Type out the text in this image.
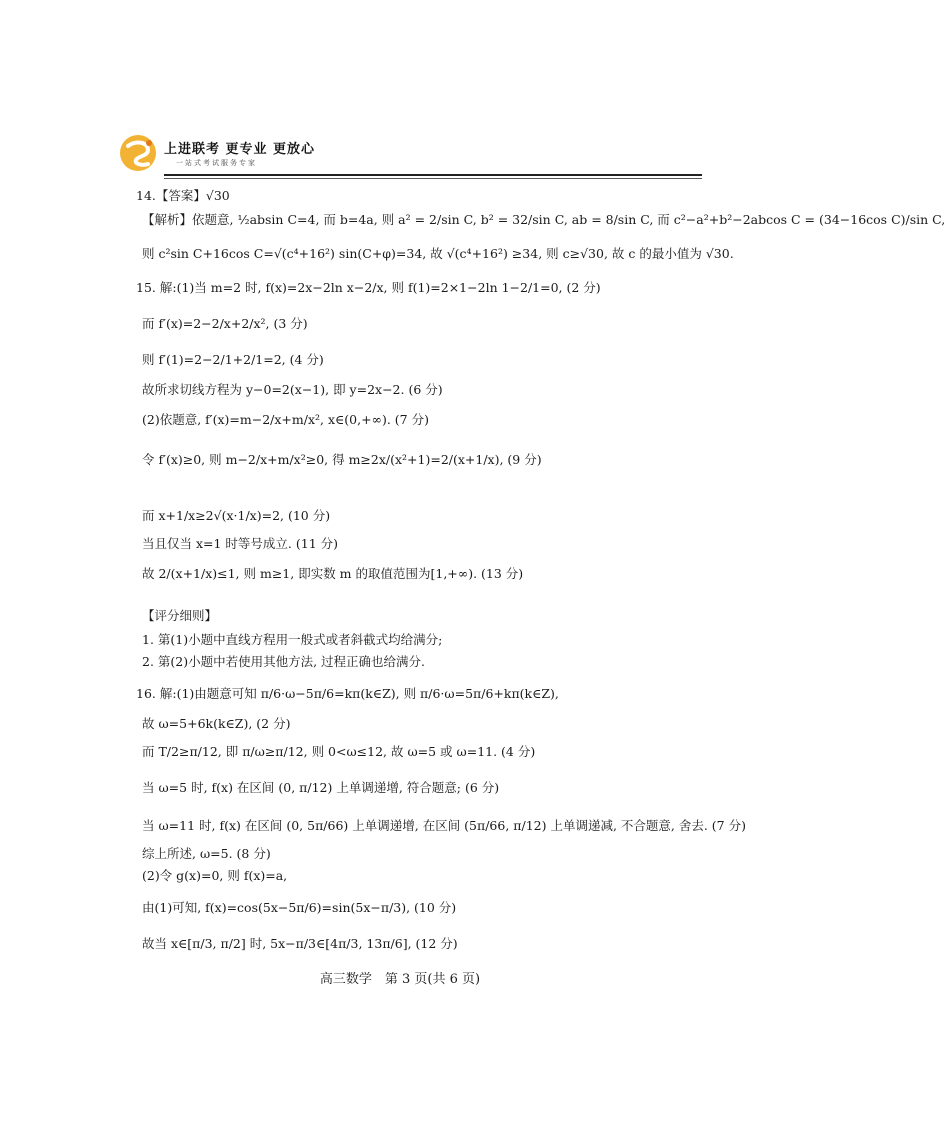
上进联考 更专业 更放心
一站式考试服务专家
14.【答案】√30
【解析】依题意, ½absin C=4, 而 b=4a, 则 a² = 2/sin C, b² = 32/sin C, ab = 8/sin C, 而 c²−a²+b²−2abcos C = (34−16cos C)/sin C,
则 c²sin C+16cos C=√(c⁴+16²) sin(C+φ)=34, 故 √(c⁴+16²) ≥34, 则 c≥√30, 故 c 的最小值为 √30.
15. 解:(1)当 m=2 时, f(x)=2x−2ln x−2/x, 则 f(1)=2×1−2ln 1−2/1=0, (2 分)
而 f′(x)=2−2/x+2/x², (3 分)
则 f′(1)=2−2/1+2/1=2, (4 分)
故所求切线方程为 y−0=2(x−1), 即 y=2x−2. (6 分)
(2)依题意, f′(x)=m−2/x+m/x², x∈(0,+∞). (7 分)
令 f′(x)≥0, 则 m−2/x+m/x²≥0, 得 m≥2x/(x²+1)=2/(x+1/x), (9 分)
而 x+1/x≥2√(x·1/x)=2, (10 分)
当且仅当 x=1 时等号成立. (11 分)
故 2/(x+1/x)≤1, 则 m≥1, 即实数 m 的取值范围为[1,+∞). (13 分)
【评分细则】
1. 第(1)小题中直线方程用一般式或者斜截式均给满分;
2. 第(2)小题中若使用其他方法, 过程正确也给满分.
16. 解:(1)由题意可知 π/6·ω−5π/6=kπ(k∈Z), 则 π/6·ω=5π/6+kπ(k∈Z),
故 ω=5+6k(k∈Z), (2 分)
而 T/2≥π/12, 即 π/ω≥π/12, 则 0<ω≤12, 故 ω=5 或 ω=11. (4 分)
当 ω=5 时, f(x) 在区间 (0, π/12) 上单调递增, 符合题意; (6 分)
当 ω=11 时, f(x) 在区间 (0, 5π/66) 上单调递增, 在区间 (5π/66, π/12) 上单调递减, 不合题意, 舍去. (7 分)
综上所述, ω=5. (8 分)
(2)令 g(x)=0, 则 f(x)=a,
由(1)可知, f(x)=cos(5x−5π/6)=sin(5x−π/3), (10 分)
故当 x∈[π/3, π/2] 时, 5x−π/3∈[4π/3, 13π/6], (12 分)
高三数学　第 3 页(共 6 页)
